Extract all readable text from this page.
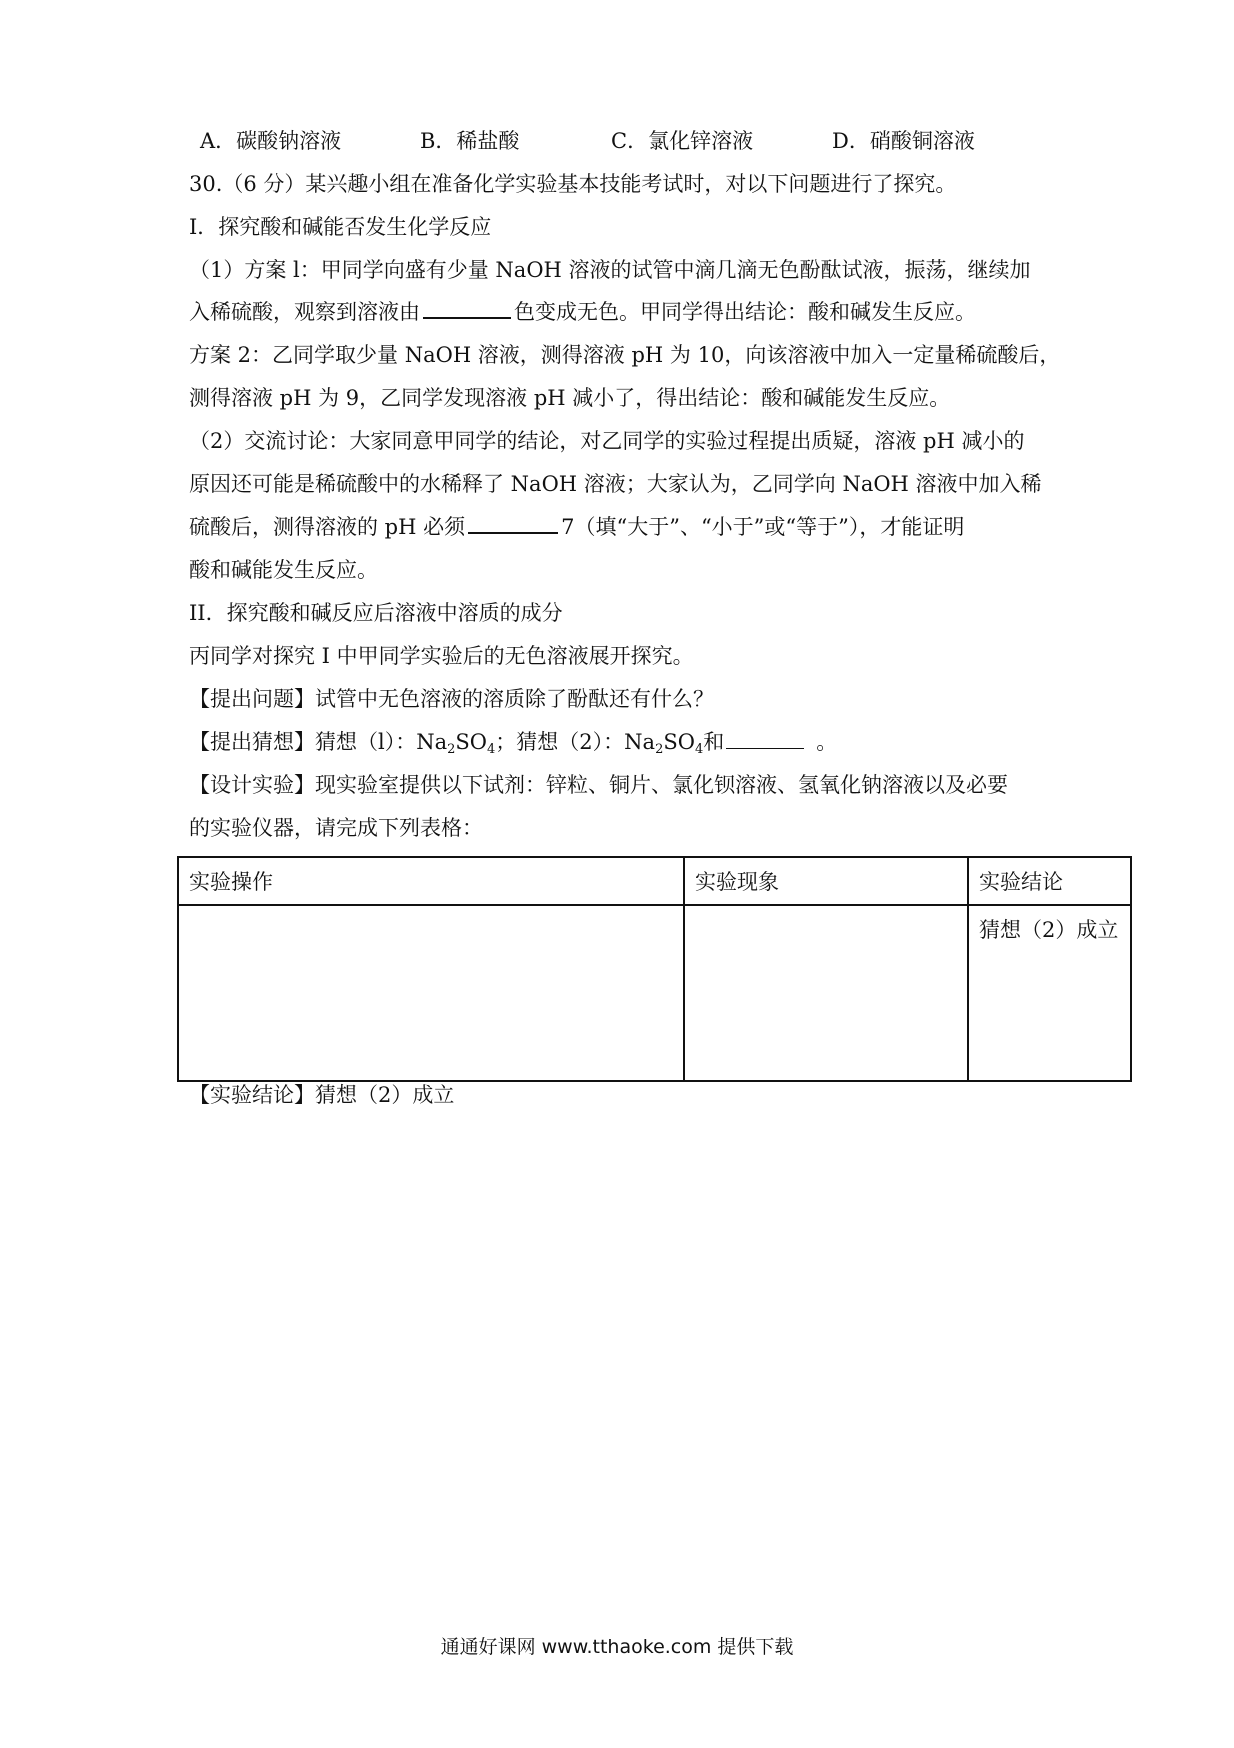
A．碳酸钠溶液	B．稀盐酸	C．氯化锌溶液	D．硝酸铜溶液
30.（6 分）某兴趣小组在准备化学实验基本技能考试时，对以下问题进行了探究。
I．探究酸和碱能否发生化学反应
（1）方案 l：甲同学向盛有少量 NaOH 溶液的试管中滴几滴无色酚酞试液，振荡，继续加
入稀硫酸，观察到溶液由	色变成无色。甲同学得出结论：酸和碱发生反应。
方案 2：乙同学取少量 NaOH 溶液，测得溶液 pH 为 10，向该溶液中加入一定量稀硫酸后，
测得溶液 pH 为 9，乙同学发现溶液 pH 减小了，得出结论：酸和碱能发生反应。
（2）交流讨论：大家同意甲同学的结论，对乙同学的实验过程提出质疑，溶液 pH 减小的
原因还可能是稀硫酸中的水稀释了 NaOH 溶液；大家认为，乙同学向 NaOH 溶液中加入稀
硫酸后，测得溶液的 pH 必须	7（填“大于”、“小于”或“等于”），才能证明
酸和碱能发生反应。
II．探究酸和碱反应后溶液中溶质的成分
丙同学对探究 I 中甲同学实验后的无色溶液展开探究。
【提出问题】试管中无色溶液的溶质除了酚酞还有什么？
【提出猜想】猜想（l）：$Na_2SO_4$；猜想（2）：$Na_2SO_4$和	。
【设计实验】现实验室提供以下试剂：锌粒、铜片、氯化钡溶液、氢氧化钠溶液以及必要
的实验仪器，请完成下列表格：
实验操作	实验现象	实验结论
		猜想（2）成立
【实验结论】猜想（2）成立
通通好课网 www.tthaoke.com 提供下载
